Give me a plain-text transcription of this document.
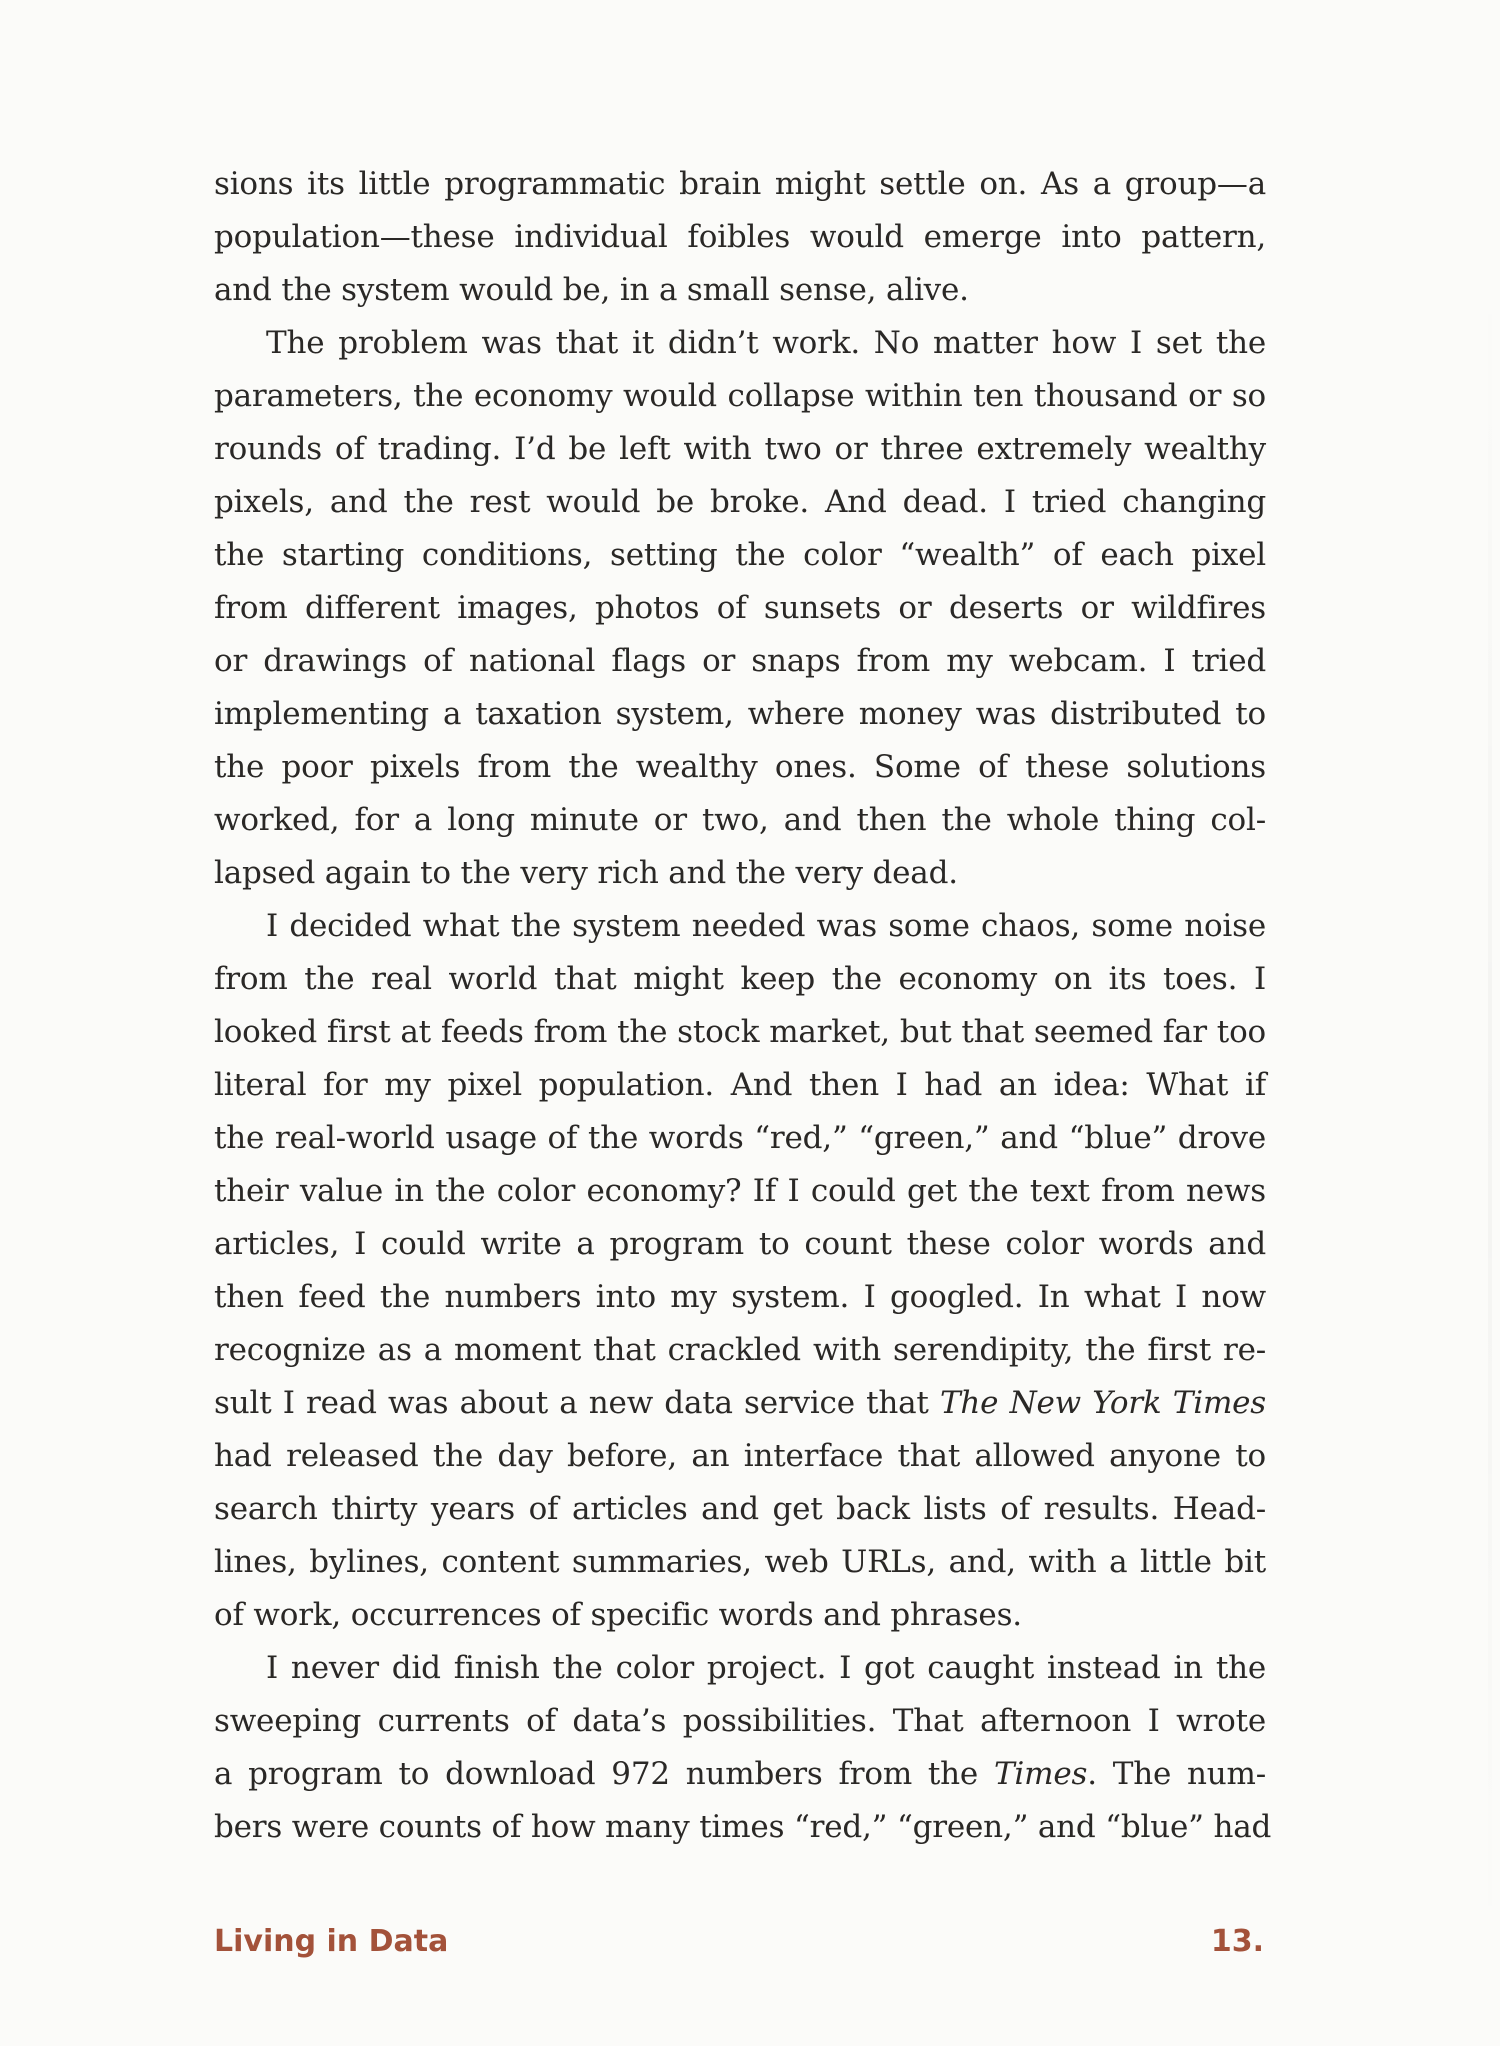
sions its little programmatic brain might settle on. As a group—a
population—these individual foibles would emerge into pattern,
and the system would be, in a small sense, alive.
The problem was that it didn’t work. No matter how I set the
parameters, the economy would collapse within ten thousand or so
rounds of trading. I’d be left with two or three extremely wealthy
pixels, and the rest would be broke. And dead. I tried changing
the starting conditions, setting the color “wealth” of each pixel
from different images, photos of sunsets or deserts or wildfires
or drawings of national flags or snaps from my webcam. I tried
implementing a taxation system, where money was distributed to
the poor pixels from the wealthy ones. Some of these solutions
worked, for a long minute or two, and then the whole thing col-
lapsed again to the very rich and the very dead.
I decided what the system needed was some chaos, some noise
from the real world that might keep the economy on its toes. I
looked first at feeds from the stock market, but that seemed far too
literal for my pixel population. And then I had an idea: What if
the real-world usage of the words “red,” “green,” and “blue” drove
their value in the color economy? If I could get the text from news
articles, I could write a program to count these color words and
then feed the numbers into my system. I googled. In what I now
recognize as a moment that crackled with serendipity, the first re-
sult I read was about a new data service that The New York Times
had released the day before, an interface that allowed anyone to
search thirty years of articles and get back lists of results. Head-
lines, bylines, content summaries, web URLs, and, with a little bit
of work, occurrences of specific words and phrases.
I never did finish the color project. I got caught instead in the
sweeping currents of data’s possibilities. That afternoon I wrote
a program to download 972 numbers from the Times. The num-
bers were counts of how many times “red,” “green,” and “blue” had
Living in Data	13.
